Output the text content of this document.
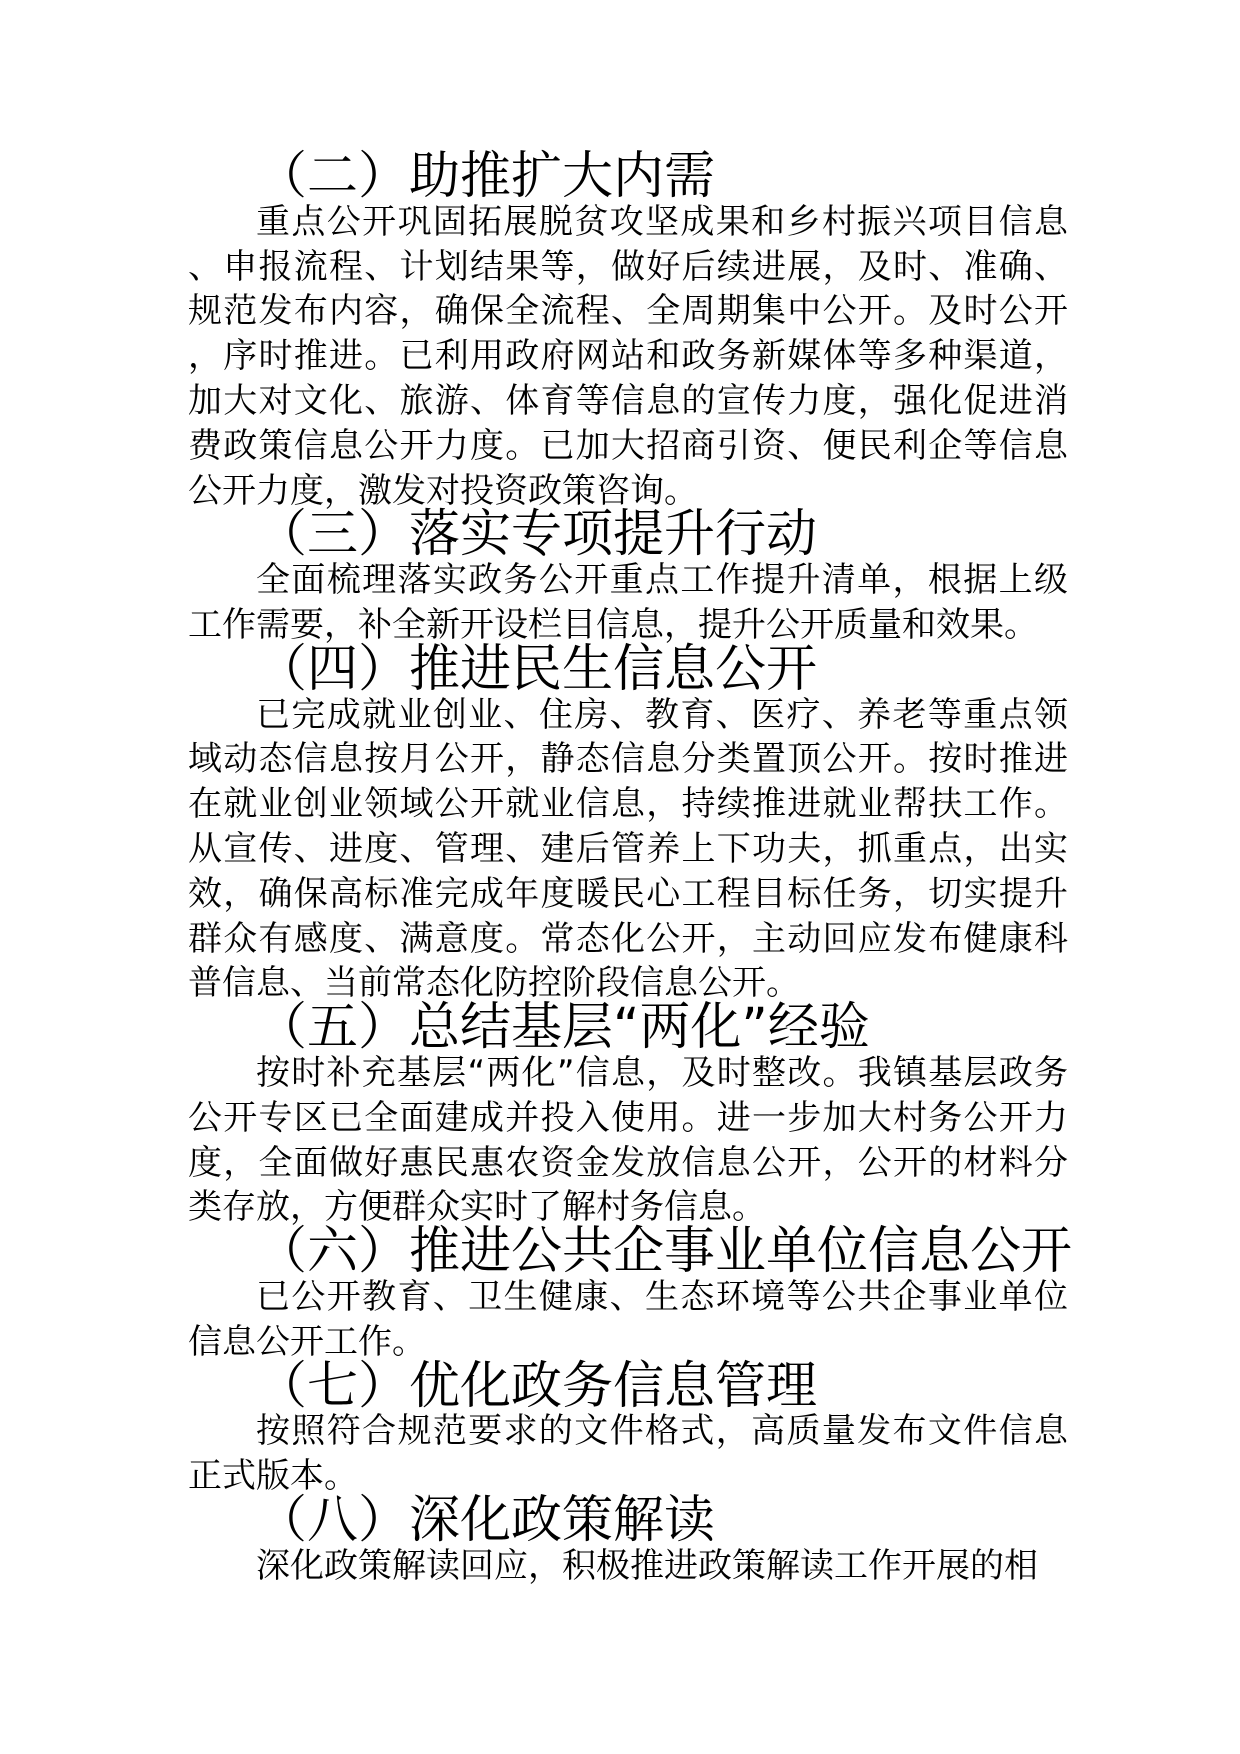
（二）助推扩大内需

重点公开巩固拓展脱贫攻坚成果和乡村振兴项目信息、申报流程、计划结果等，做好后续进展，及时、准确、规范发布内容，确保全流程、全周期集中公开。及时公开，序时推进。已利用政府网站和政务新媒体等多种渠道，加大对文化、旅游、体育等信息的宣传力度，强化促进消费政策信息公开力度。已加大招商引资、便民利企等信息公开力度，激发对投资政策咨询。

（三）落实专项提升行动

全面梳理落实政务公开重点工作提升清单，根据上级工作需要，补全新开设栏目信息，提升公开质量和效果。

（四）推进民生信息公开

已完成就业创业、住房、教育、医疗、养老等重点领域动态信息按月公开，静态信息分类置顶公开。按时推进在就业创业领域公开就业信息，持续推进就业帮扶工作。从宣传、进度、管理、建后管养上下功夫，抓重点，出实效，确保高标准完成年度暖民心工程目标任务，切实提升群众有感度、满意度。常态化公开，主动回应发布健康科普信息、当前常态化防控阶段信息公开。

（五）总结基层“两化”经验

按时补充基层“两化”信息，及时整改。我镇基层政务公开专区已全面建成并投入使用。进一步加大村务公开力度，全面做好惠民惠农资金发放信息公开，公开的材料分类存放，方便群众实时了解村务信息。

（六）推进公共企事业单位信息公开

已公开教育、卫生健康、生态环境等公共企事业单位信息公开工作。

（七）优化政务信息管理

按照符合规范要求的文件格式，高质量发布文件信息正式版本。

（八）深化政策解读

深化政策解读回应，积极推进政策解读工作开展的相
